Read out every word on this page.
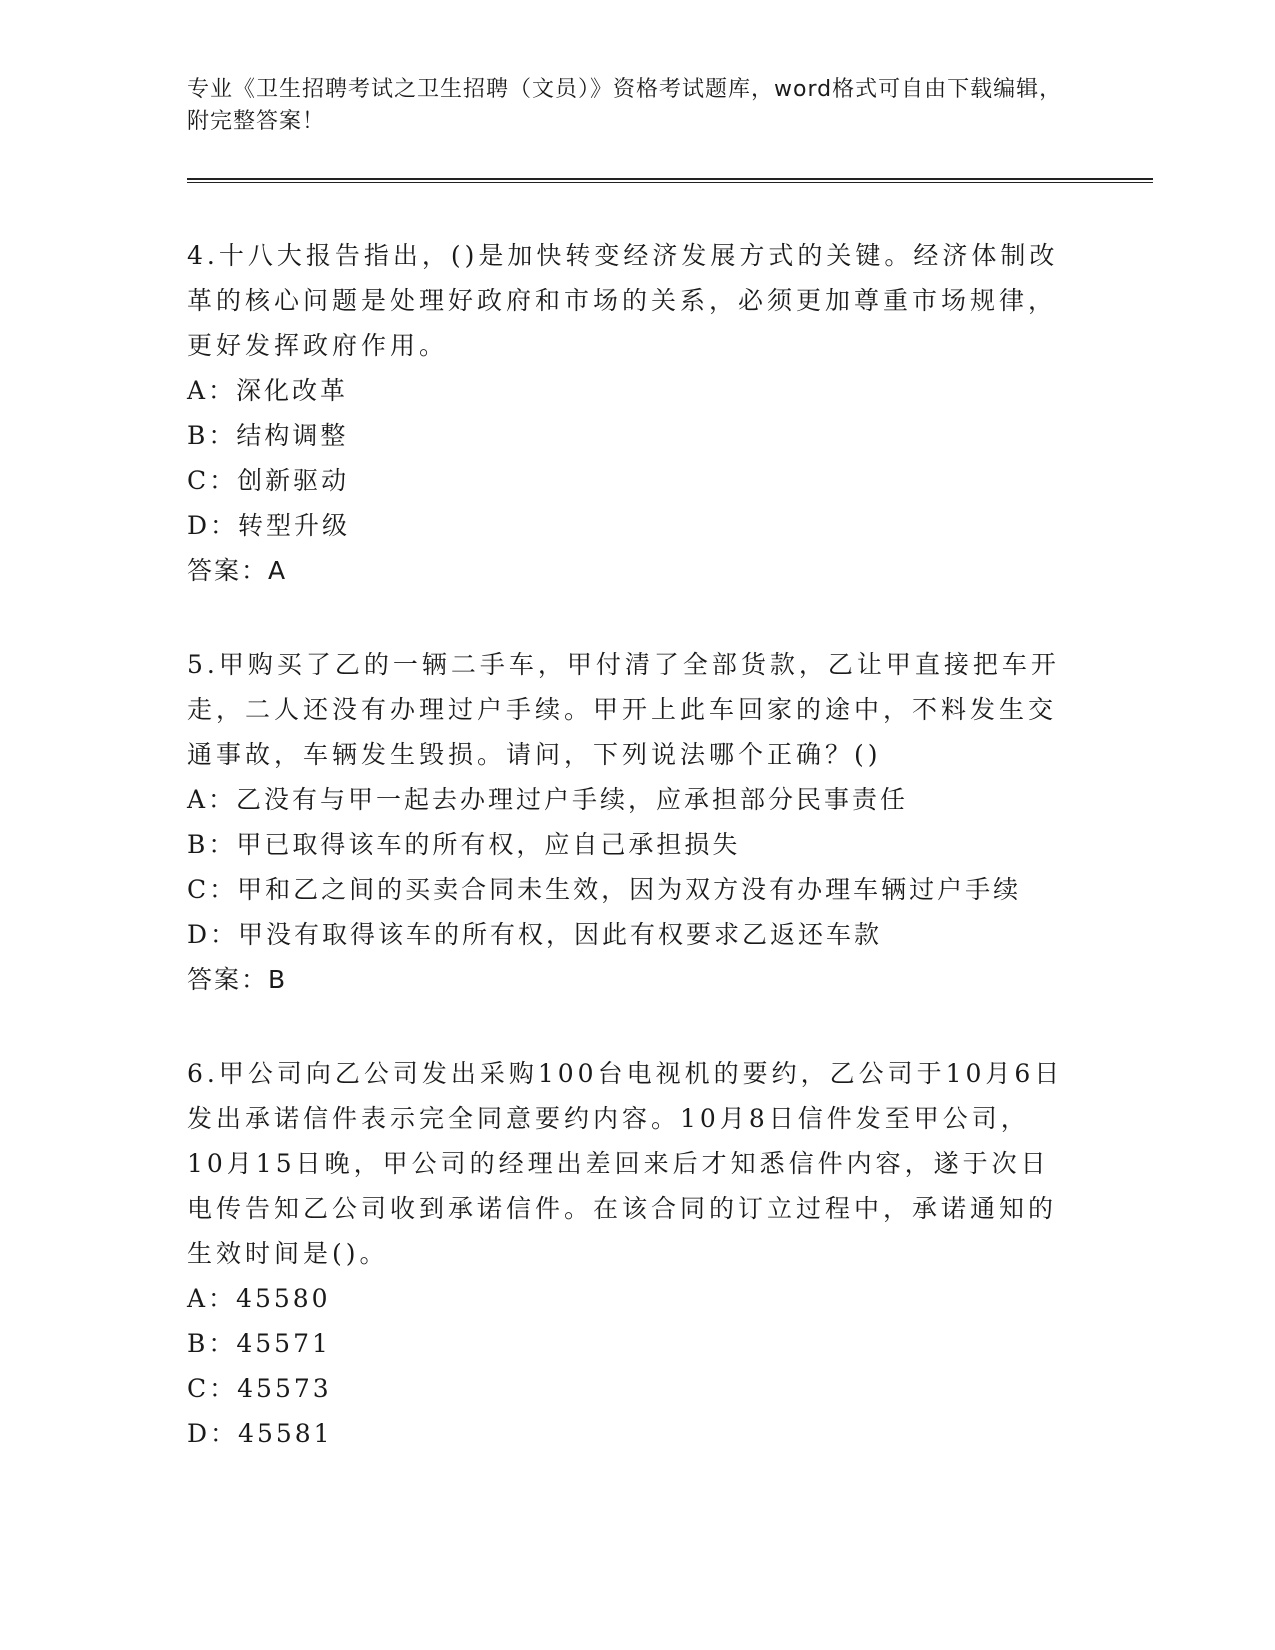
专业《卫生招聘考试之卫生招聘（文员）》资格考试题库，word格式可自由下载编辑，附完整答案！

4.十八大报告指出，()是加快转变经济发展方式的关键。经济体制改革的核心问题是处理好政府和市场的关系，必须更加尊重市场规律，更好发挥政府作用。

A：深化改革

B：结构调整

C：创新驱动

D：转型升级

答案：A

5.甲购买了乙的一辆二手车，甲付清了全部货款，乙让甲直接把车开走，二人还没有办理过户手续。甲开上此车回家的途中，不料发生交通事故，车辆发生毁损。请问，下列说法哪个正确？()

A：乙没有与甲一起去办理过户手续，应承担部分民事责任

B：甲已取得该车的所有权，应自己承担损失

C：甲和乙之间的买卖合同未生效，因为双方没有办理车辆过户手续

D：甲没有取得该车的所有权，因此有权要求乙返还车款

答案：B

6.甲公司向乙公司发出采购100台电视机的要约，乙公司于10月6日发出承诺信件表示完全同意要约内容。10月8日信件发至甲公司，10月15日晚，甲公司的经理出差回来后才知悉信件内容，遂于次日电传告知乙公司收到承诺信件。在该合同的订立过程中，承诺通知的生效时间是()。

A：45580

B：45571

C：45573

D：45581
